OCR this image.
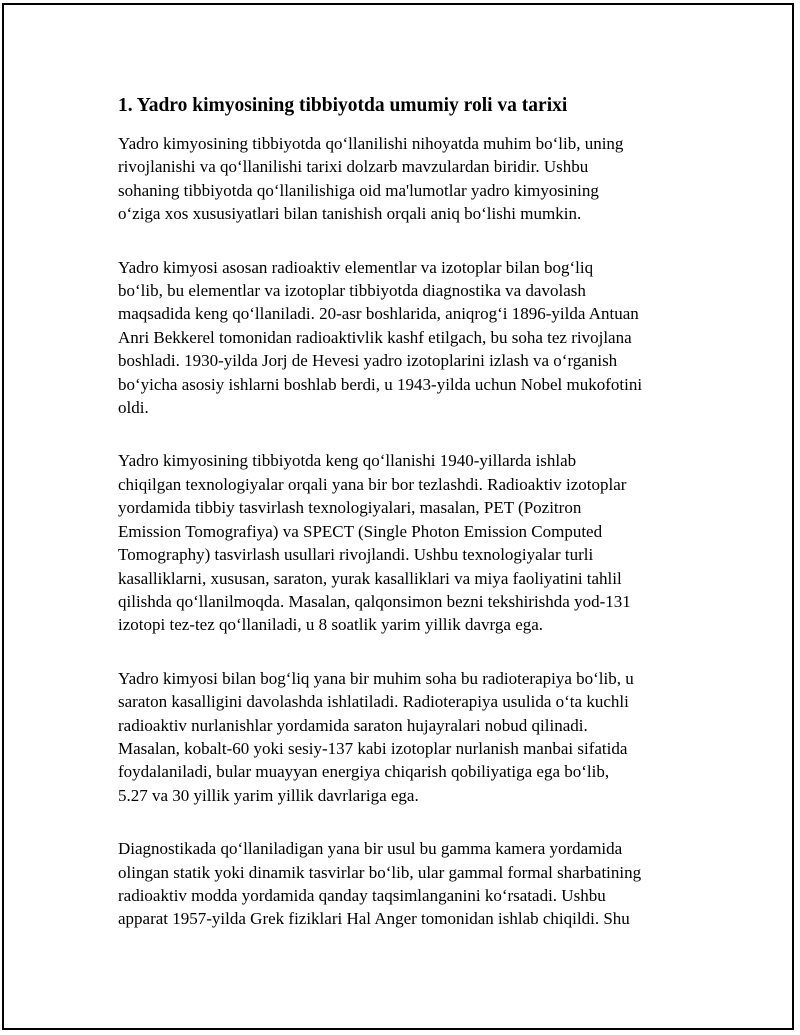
1. Yadro kimyosining tibbiyotda umumiy roli va tarixi
Yadro kimyosining tibbiyotda qo‘llanilishi nihoyatda muhim bo‘lib, uning
rivojlanishi va qo‘llanilishi tarixi dolzarb mavzulardan biridir. Ushbu
sohaning tibbiyotda qo‘llanilishiga oid ma'lumotlar yadro kimyosining
o‘ziga xos xususiyatlari bilan tanishish orqali aniq bo‘lishi mumkin.
Yadro kimyosi asosan radioaktiv elementlar va izotoplar bilan bog‘liq
bo‘lib, bu elementlar va izotoplar tibbiyotda diagnostika va davolash
maqsadida keng qo‘llaniladi. 20-asr boshlarida, aniqrog‘i 1896-yilda Antuan
Anri Bekkerel tomonidan radioaktivlik kashf etilgach, bu soha tez rivojlana
boshladi. 1930-yilda Jorj de Hevesi yadro izotoplarini izlash va o‘rganish
bo‘yicha asosiy ishlarni boshlab berdi, u 1943-yilda uchun Nobel mukofotini
oldi.
Yadro kimyosining tibbiyotda keng qo‘llanishi 1940-yillarda ishlab
chiqilgan texnologiyalar orqali yana bir bor tezlashdi. Radioaktiv izotoplar
yordamida tibbiy tasvirlash texnologiyalari, masalan, PET (Pozitron
Emission Tomografiya) va SPECT (Single Photon Emission Computed
Tomography) tasvirlash usullari rivojlandi. Ushbu texnologiyalar turli
kasalliklarni, xususan, saraton, yurak kasalliklari va miya faoliyatini tahlil
qilishda qo‘llanilmoqda. Masalan, qalqonsimon bezni tekshirishda yod-131
izotopi tez-tez qo‘llaniladi, u 8 soatlik yarim yillik davrga ega.
Yadro kimyosi bilan bog‘liq yana bir muhim soha bu radioterapiya bo‘lib, u
saraton kasalligini davolashda ishlatiladi. Radioterapiya usulida o‘ta kuchli
radioaktiv nurlanishlar yordamida saraton hujayralari nobud qilinadi.
Masalan, kobalt-60 yoki sesiy-137 kabi izotoplar nurlanish manbai sifatida
foydalaniladi, bular muayyan energiya chiqarish qobiliyatiga ega bo‘lib,
5.27 va 30 yillik yarim yillik davrlariga ega.
Diagnostikada qo‘llaniladigan yana bir usul bu gamma kamera yordamida
olingan statik yoki dinamik tasvirlar bo‘lib, ular gammal formal sharbatining
radioaktiv modda yordamida qanday taqsimlanganini ko‘rsatadi. Ushbu
apparat 1957-yilda Grek fiziklari Hal Anger tomonidan ishlab chiqildi. Shu
